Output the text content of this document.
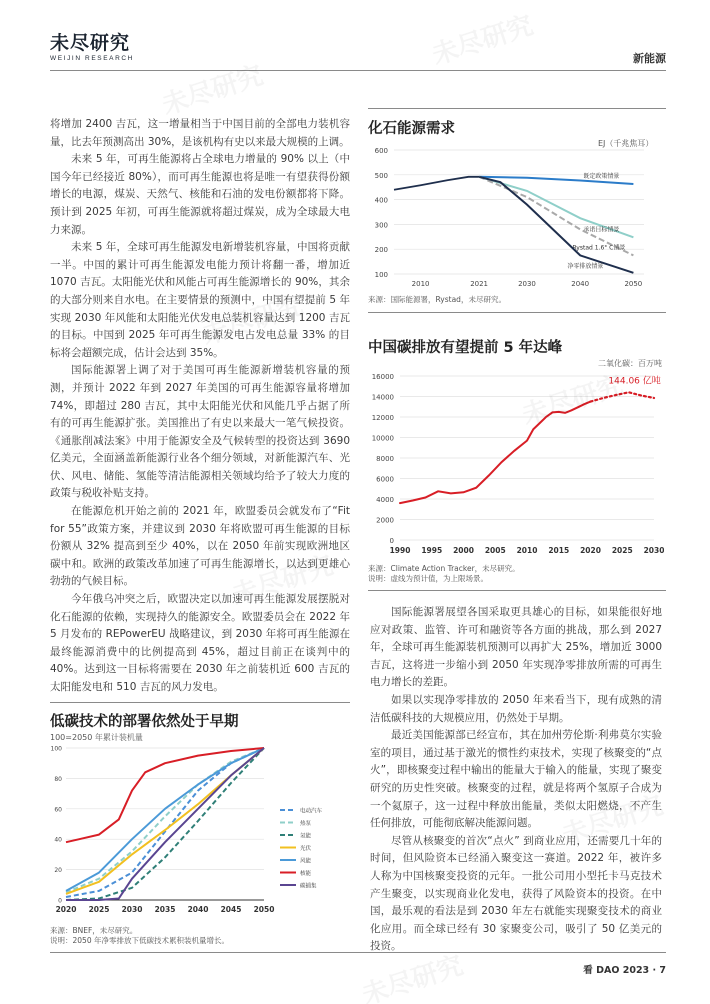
未尽研究
WEIJIN RESEARCH	新能源

将增加 2400 吉瓦，这一增量相当于中国目前的全部电力装机容量，比去年预测高出 30%，是该机构有史以来最大规模的上调。

未来 5 年，可再生能源将占全球电力增量的 90% 以上（中国今年已经接近 80%），而可再生能源也将是唯一有望获得份额增长的电源，煤炭、天然气、核能和石油的发电份额都将下降。预计到 2025 年初，可再生能源就将超过煤炭，成为全球最大电力来源。

未来 5 年，全球可再生能源发电新增装机容量，中国将贡献一半。中国的累计可再生能源发电能力预计将翻一番，增加近 1070 吉瓦。太阳能光伏和风能占可再生能源增长的 90%，其余的大部分则来自水电。在主要情景的预测中，中国有望提前 5 年实现 2030 年风能和太阳能光伏发电总装机容量达到 1200 吉瓦的目标。中国到 2025 年可再生能源发电占发电总量 33% 的目标将会超额完成，估计会达到 35%。

国际能源署上调了对于美国可再生能源新增装机容量的预测，并预计 2022 年到 2027 年美国的可再生能源容量将增加 74%，即超过 280 吉瓦，其中太阳能光伏和风能几乎占据了所有的可再生能源扩张。美国推出了有史以来最大一笔气候投资。《通胀削减法案》中用于能源安全及气候转型的投资达到 3690 亿美元，全面涵盖新能源行业各个细分领域，对新能源汽车、光伏、风电、储能、氢能等清洁能源相关领域均给予了较大力度的政策与税收补贴支持。

在能源危机开始之前的 2021 年，欧盟委员会就发布了“Fit for 55”政策方案，并建议到 2030 年将欧盟可再生能源的目标份额从 32% 提高到至少 40%，以在 2050 年前实现欧洲地区碳中和。欧洲的政策改革加速了可再生能源增长，以达到更雄心勃勃的气候目标。

今年俄乌冲突之后，欧盟决定以加速可再生能源发展摆脱对化石能源的依赖，实现持久的能源安全。欧盟委员会在 2022 年 5 月发布的 REPowerEU 战略建议，到 2030 年将可再生能源在最终能源消费中的比例提高到 45%，超过目前正在谈判中的 40%。达到这一目标将需要在 2030 年之前装机近 600 吉瓦的太阳能发电和 510 吉瓦的风力发电。

化石能源需求
EJ（千兆焦耳）
100
200
300
400
500
600
2010	2021	2030	2040	2050
既定政策情景
承诺目标情景
Rystad 1.6° C情景
净零排放情景
来源：国际能源署，Rystad，未尽研究。
中国碳排放有望提前 5 年达峰
二氧化碳：百万吨
0
2000
4000
6000
8000
10000
12000
14000
16000
1990 1995 2000 2005 2010 2015 2020 2025 2030
144.06 亿吨
来源：Climate Action Tracker，未尽研究。
说明：虚线为预计值，为上限场景。
低碳技术的部署依然处于早期
100=2050 年累计装机量
0
20
40
60
80
100
2020 2025 2030 2035 2040 2045 2050
电动汽车
热泵
氢能
光伏
风能
核能
碳捕集
来源：BNEF，未尽研究。
说明：2050 年净零排放下低碳技术累积装机量增长。

国际能源署展望各国采取更具雄心的目标，如果能很好地应对政策、监管、许可和融资等各方面的挑战，那么到 2027 年，全球可再生能源装机预测可以再扩大 25%，增加近 3000 吉瓦，这将进一步缩小到 2050 年实现净零排放所需的可再生电力增长的差距。

如果以实现净零排放的 2050 年来看当下，现有成熟的清洁低碳科技的大规模应用，仍然处于早期。

最近美国能源部已经宣布，其在加州劳伦斯·利弗莫尔实验室的项目，通过基于激光的惯性约束技术，实现了核聚变的“点火”，即核聚变过程中输出的能量大于输入的能量，实现了聚变研究的历史性突破。核聚变的过程，就是将两个氢原子合成为一个氦原子，这一过程中释放出能量，类似太阳燃烧，不产生任何排放，可能彻底解决能源问题。

尽管从核聚变的首次“点火” 到商业应用，还需要几十年的时间，但风险资本已经涌入聚变这一赛道。2022 年，被许多人称为中国核聚变投资的元年。一批公司用小型托卡马克技术产生聚变，以实现商业化发电，获得了风险资本的投资。在中国，最乐观的看法是到 2030 年左右就能实现聚变技术的商业化应用。而全球已经有 30 家聚变公司，吸引了 50 亿美元的投资。

看 DAO 2023 · 7
